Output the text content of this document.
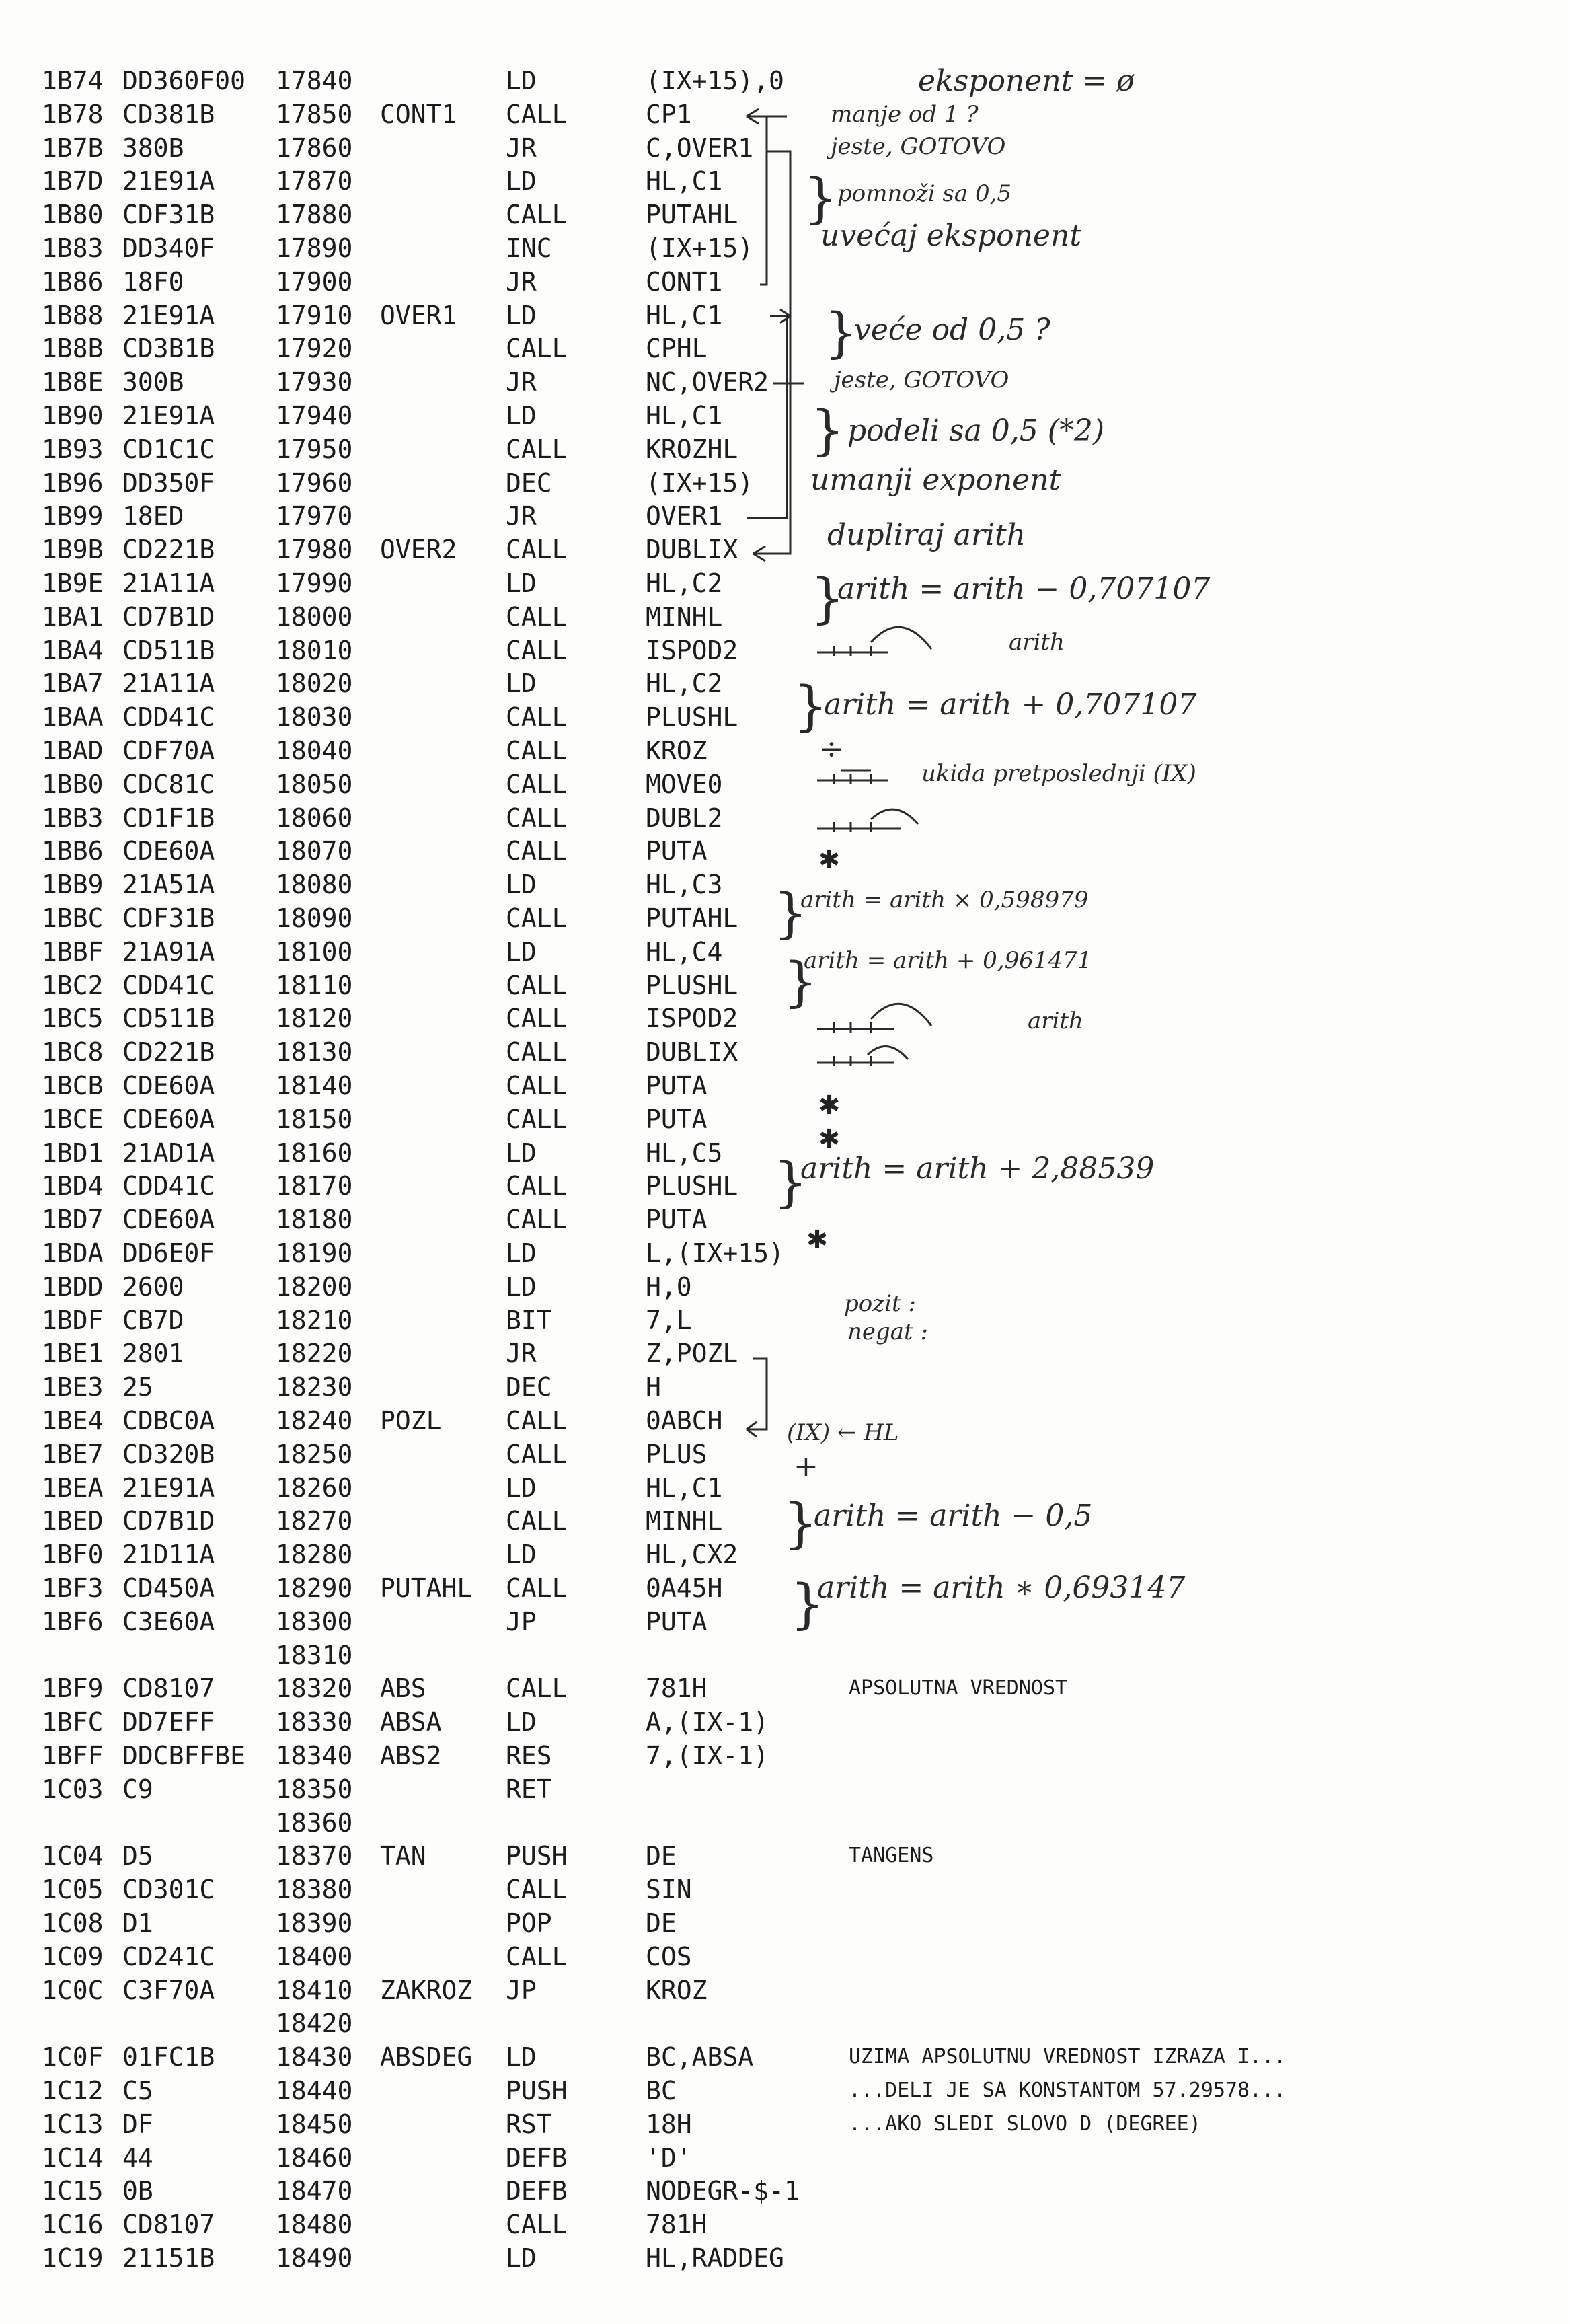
1B74 DD360F00 17840	LD	(IX+15),0
1B78 CD381B 17850 CONT1 CALL	CP1
1B7B 380B	17860	JR	C,OVER1
1B7D 21E91A 17870	LD	HL,C1
1B80 CDF31B 17880	CALL	PUTAHL
1B83 DD340F 17890	INC	(IX+15)
1B86 18F0	17900	JR	CONT1
1B88 21E91A 17910 OVER1 LD	HL,C1
1B8B CD3B1B 17920	CALL	CPHL
1B8E 300B	17930	JR	NC,OVER2
1B90 21E91A 17940	LD	HL,C1
1B93 CD1C1C 17950	CALL	KROZHL
1B96 DD350F 17960	DEC	(IX+15)
1B99 18ED	17970	JR	OVER1
1B9B CD221B 17980 OVER2 CALL	DUBLIX
1B9E 21A11A 17990	LD	HL,C2
1BA1 CD7B1D 18000	CALL	MINHL
1BA4 CD511B 18010	CALL	ISPOD2
1BA7 21A11A 18020	LD	HL,C2
1BAA CDD41C 18030	CALL	PLUSHL
1BAD CDF70A 18040	CALL	KROZ
1BB0 CDC81C 18050	CALL	MOVE0
1BB3 CD1F1B 18060	CALL	DUBL2
1BB6 CDE60A 18070	CALL	PUTA
1BB9 21A51A 18080	LD	HL,C3
1BBC CDF31B 18090	CALL	PUTAHL
1BBF 21A91A 18100	LD	HL,C4
1BC2 CDD41C 18110	CALL	PLUSHL
1BC5 CD511B 18120	CALL	ISPOD2
1BC8 CD221B 18130	CALL	DUBLIX
1BCB CDE60A 18140	CALL	PUTA
1BCE CDE60A 18150	CALL	PUTA
1BD1 21AD1A 18160	LD	HL,C5
1BD4 CDD41C 18170	CALL	PLUSHL
1BD7 CDE60A 18180	CALL	PUTA
1BDA DD6E0F 18190	LD	L,(IX+15)
1BDD 2600	18200	LD	H,0
1BDF CB7D	18210	BIT	7,L
1BE1 2801	18220	JR	Z,POZL
1BE3 25	18230	DEC	H
1BE4 CDBC0A 18240 POZL	CALL	0ABCH
1BE7 CD320B 18250	CALL	PLUS
1BEA 21E91A 18260	LD	HL,C1
1BED CD7B1D 18270	CALL	MINHL
1BF0 21D11A 18280	LD	HL,CX2
1BF3 CD450A 18290 PUTAHL CALL	0A45H
1BF6 C3E60A 18300	JP	PUTA
18310
1BF9 CD8107 18320 ABS	CALL	781H	APSOLUTNA VREDNOST
1BFC DD7EFF 18330 ABSA	LD	A,(IX-1)
1BFF DDCBFFBE 18340 ABS2	RES	7,(IX-1)
1C03 C9	18350	RET
18360
1C04 D5	18370 TAN	PUSH	DE	TANGENS
1C05 CD301C 18380	CALL	SIN
1C08 D1	18390	POP	DE
1C09 CD241C 18400	CALL	COS
1C0C C3F70A 18410 ZAKROZ JP	KROZ
18420
1C0F 01FC1B 18430 ABSDEG LD	BC,ABSA	UZIMA APSOLUTNU VREDNOST IZRAZA I...
1C12 C5	18440	PUSH	BC	...DELI JE SA KONSTANTOM 57.29578...
1C13 DF	18450	RST	18H	...AKO SLEDI SLOVO D (DEGREE)
1C14 44	18460	DEFB	'D'
1C15 0B	18470	DEFB	NODEGR-$-1
1C16 CD8107 18480	CALL	781H
1C19 21151B 18490	LD	HL,RADDEG
eksponent = ø
manje od 1 ?
jeste, GOTOVO
} pomnoži sa 0,5
uvećaj eksponent
}
veće od 0,5 ?
jeste, GOTOVO
} podeli sa 0,5 (*2)
umanji exponent
dupliraj arith
}
arith = arith − 0,707107
arith
}
arith = arith + 0,707107
÷
ukida pretposlednji (IX)
✱
}
arith = arith × 0,598979
}
arith = arith + 0,961471
arith
✱
✱
}
arith = arith + 2,88539
✱
pozit :
negat :
(IX) ← HL
+
}
arith = arith − 0,5
}
arith = arith ∗ 0,693147
